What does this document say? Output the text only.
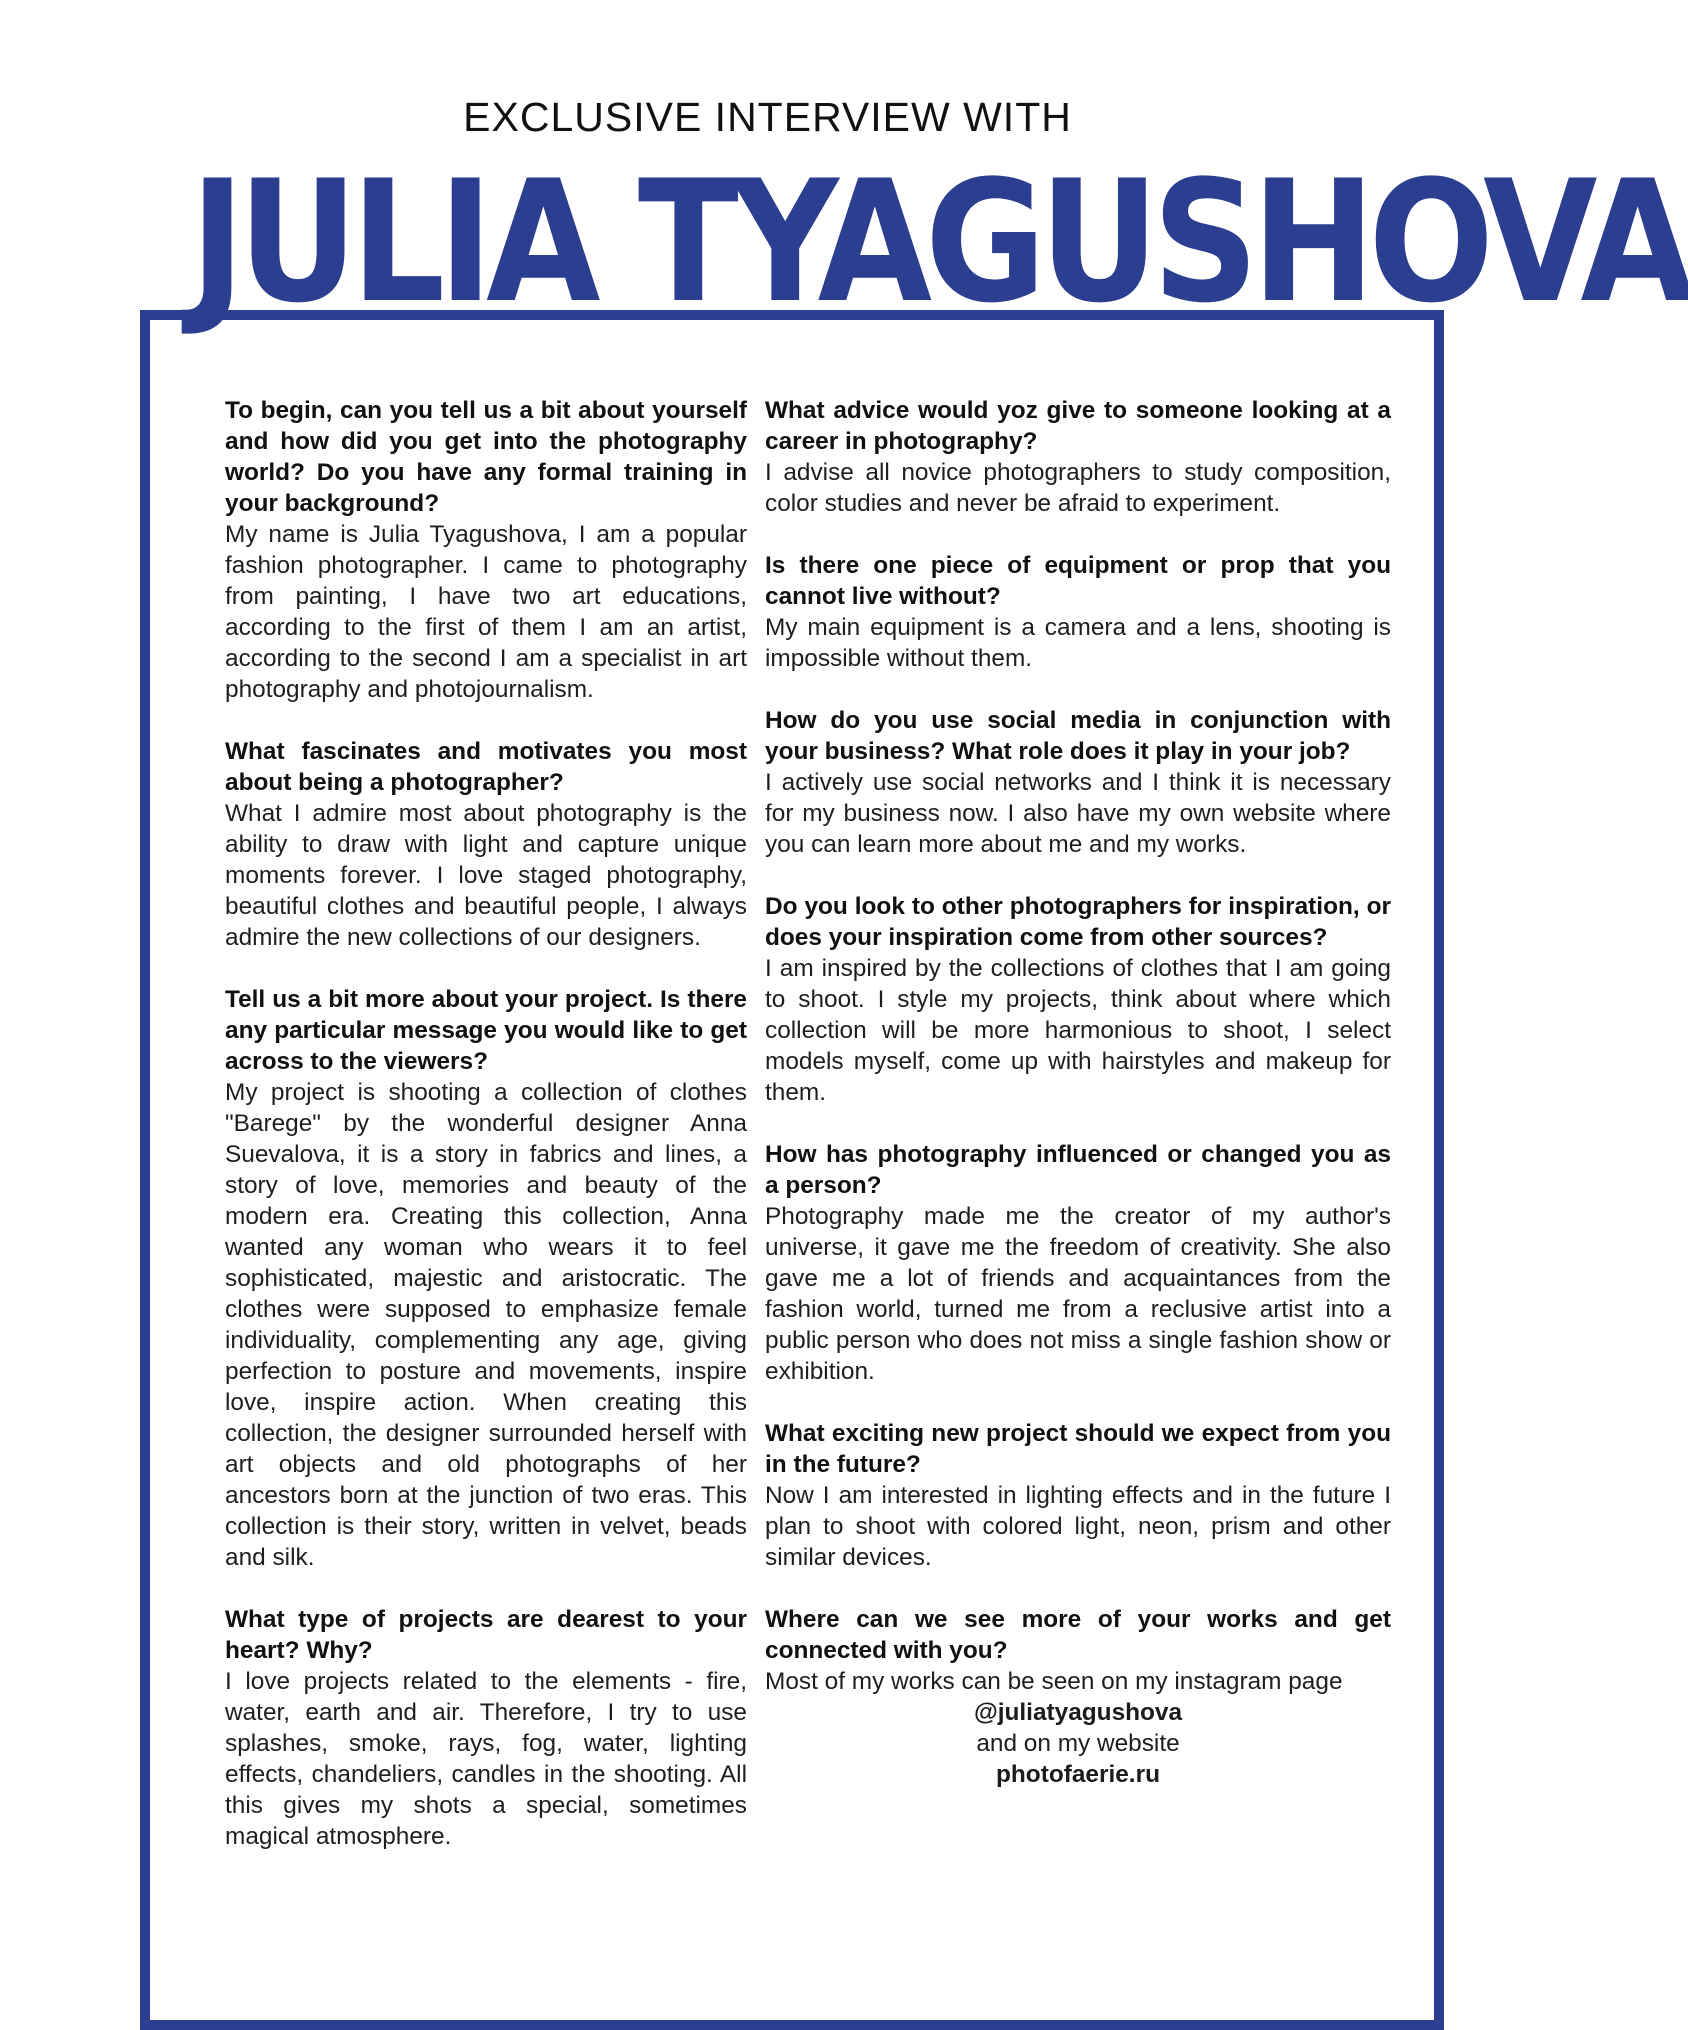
EXCLUSIVE INTERVIEW WITH
JULIA TYAGUSHOVA
To begin, can you tell us a bit about yourself and how did you get into the photography world? Do you have any formal training in your background?
My name is Julia Tyagushova, I am a popular fashion photographer. I came to photography from painting, I have two art educations, according to the first of them I am an artist, according to the second I am a specialist in art photography and photojournalism.
What fascinates and motivates you most about being a photographer?
What I admire most about photography is the ability to draw with light and capture unique moments forever. I love staged photography, beautiful clothes and beautiful people, I always admire the new collections of our designers.
Tell us a bit more about your project. Is there any particular message you would like to get across to the viewers?
My project is shooting a collection of clothes "Barege" by the wonderful designer Anna Suevalova, it is a story in fabrics and lines, a story of love, memories and beauty of the modern era. Creating this collection, Anna wanted any woman who wears it to feel sophisticated, majestic and aristocratic. The clothes were supposed to emphasize female individuality, complementing any age, giving perfection to posture and movements, inspire love, inspire action. When creating this collection, the designer surrounded herself with art objects and old photographs of her ancestors born at the junction of two eras. This collection is their story, written in velvet, beads and silk.
What type of projects are dearest to your heart? Why?
I love projects related to the elements - fire, water, earth and air. Therefore, I try to use splashes, smoke, rays, fog, water, lighting effects, chandeliers, candles in the shooting. All this gives my shots a special, sometimes magical atmosphere.
What advice would yoz give to someone looking at a career in photography?
I advise all novice photographers to study composition, color studies and never be afraid to experiment.
Is there one piece of equipment or prop that you cannot live without?
My main equipment is a camera and a lens, shooting is impossible without them.
How do you use social media in conjunction with your business? What role does it play in your job?
I actively use social networks and I think it is necessary for my business now. I also have my own website where you can learn more about me and my works.
Do you look to other photographers for inspiration, or does your inspiration come from other sources?
I am inspired by the collections of clothes that I am going to shoot. I style my projects, think about where which collection will be more harmonious to shoot, I select models myself, come up with hairstyles and makeup for them.
How has photography influenced or changed you as a person?
Photography made me the creator of my author's universe, it gave me the freedom of creativity. She also gave me a lot of friends and acquaintances from the fashion world, turned me from a reclusive artist into a public person who does not miss a single fashion show or exhibition.
What exciting new project should we expect from you in the future?
Now I am interested in lighting effects and in the future I plan to shoot with colored light, neon, prism and other similar devices.
Where can we see more of your works and get connected with you?
Most of my works can be seen on my instagram page
@juliatyagushova
and on my website
photofaerie.ru
